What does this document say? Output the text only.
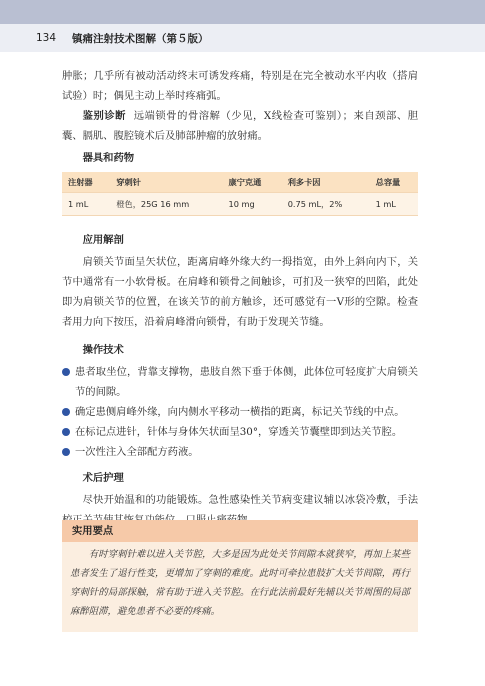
134 镇痛注射技术图解（第５版）

肿胀；几乎所有被动活动终末可诱发疼痛，特别是在完全被动水平内收（搭肩试验）时；偶见主动上举时疼痛弧。

鉴别诊断 远端锁骨的骨溶解（少见，X线检查可鉴别）；来自颈部、胆囊、膈肌、腹腔镜术后及肺部肿瘤的放射痛。

器具和药物
注射器	穿刺针	康宁克通	利多卡因	总容量
1 mL	橙色，25G 16 mm	10 mg	0.75 mL，2%	1 mL
应用解剖

肩锁关节面呈矢状位，距离肩峰外缘大约一拇指宽，由外上斜向内下，关节中通常有一小软骨板。在肩峰和锁骨之间触诊，可扪及一狭窄的凹陷，此处即为肩锁关节的位置，在该关节的前方触诊，还可感觉有一V形的空隙。检查者用力向下按压，沿着肩峰滑向锁骨，有助于发现关节缝。

操作技术
患者取坐位，背靠支撑物，患肢自然下垂于体侧，此体位可轻度扩大肩锁关节的间隙。
确定患侧肩峰外缘，向内侧水平移动一横指的距离，标记关节线的中点。
在标记点进针，针体与身体矢状面呈30°，穿透关节囊壁即到达关节腔。
一次性注入全部配方药液。
术后护理

尽快开始温和的功能锻炼。急性感染性关节病变建议辅以冰袋冷敷，手法

实用要点
有时穿刺针难以进入关节腔，大多是因为此处关节间隙本就狭窄，再加上某些患者发生了退行性变，更增加了穿刺的难度。此时可牵拉患肢扩大关节间隙，再行穿刺针的局部探触，常有助于进入关节腔。在行此法前最好先辅以关节周围的局部麻醉阻滞，避免患者不必要的疼痛。
